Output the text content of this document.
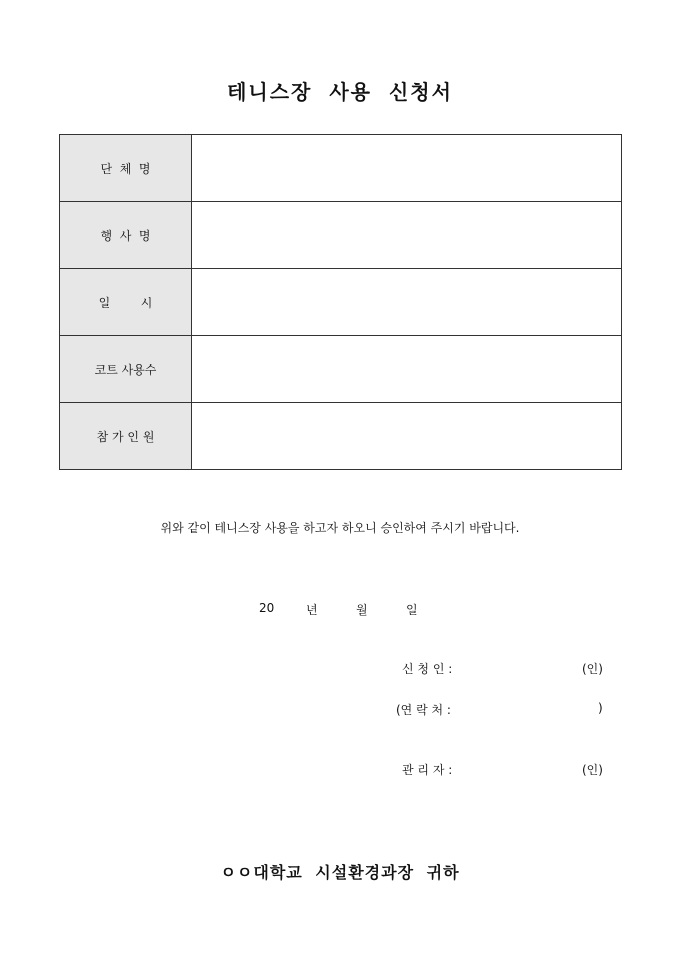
테니스장 사용 신청서
단  체  명	
행  사  명	
일        시	
코트 사용수	
참 가 인 원	
위와 같이 테니스장 사용을 하고자 하오니 승인하여 주시기 바랍니다.
20	년	월	일
신 청 인 :	(인)
(연 락 처 :	)
관 리 자 :	(인)
ㅇㅇ대학교 시설환경과장 귀하
